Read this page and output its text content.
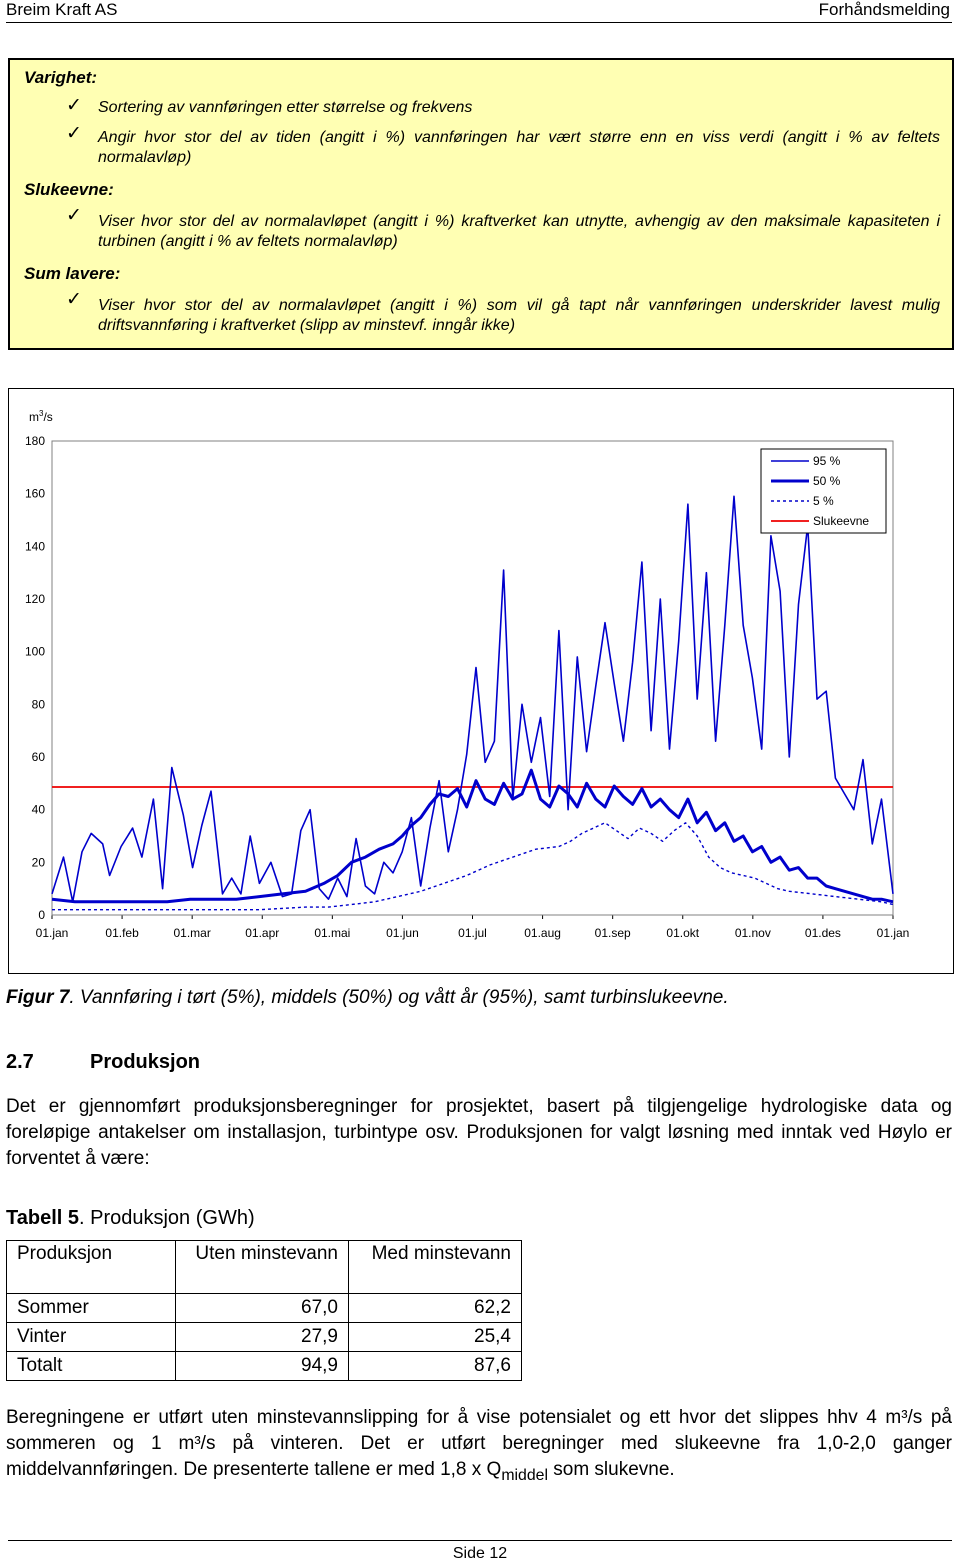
Breim Kraft AS	Forhåndsmelding
Varighet:
✓ Sortering av vannføringen etter størrelse og frekvens
✓ Angir hvor stor del av tiden (angitt i %) vannføringen har vært større enn en viss verdi (angitt i % av feltets normalavløp)
Slukeevne:
✓ Viser hvor stor del av normalavløpet (angitt i %) kraftverket kan utnytte, avhengig av den maksimale kapasiteten i turbinen (angitt i % av feltets normalavløp)
Sum lavere:
✓ Viser hvor stor del av normalavløpet (angitt i %) som vil gå tapt når vannføringen underskrider lavest mulig driftsvannføring i kraftverket (slipp av minstevf. inngår ikke)
$m^3/s$
180
160
140
120
100
80
60
40
20
0
01.jan	01.feb	01.mar	01.apr	01.mai	01.jun	01.jul	01.aug	01.sep	01.okt	01.nov	01.des	01.jan
95 %
50 %
5 %
Slukeevne
Figur 7. Vannføring i tørt (5%), middels (50%) og vått år (95%), samt turbinslukeevne.
2.7	Produksjon
Det er gjennomført produksjonsberegninger for prosjektet, basert på tilgjengelige hydrologiske data og foreløpige antakelser om installasjon, turbintype osv. Produksjonen for valgt løsning med inntak ved Høylo er forventet å være:
Tabell 5. Produksjon (GWh)
Produksjon	Uten minstevann	Med minstevann
Sommer	67,0	62,2
Vinter	27,9	25,4
Totalt	94,9	87,6
Beregningene er utført uten minstevannslipping for å vise potensialet og ett hvor det slippes hhv 4 m³/s på sommeren og 1 m³/s på vinteren. Det er utført beregninger med slukeevne fra 1,0-2,0 ganger middelvannføringen. De presenterte tallene er med 1,8 x $Q_{middel}$ som slukevne.
Side 12
